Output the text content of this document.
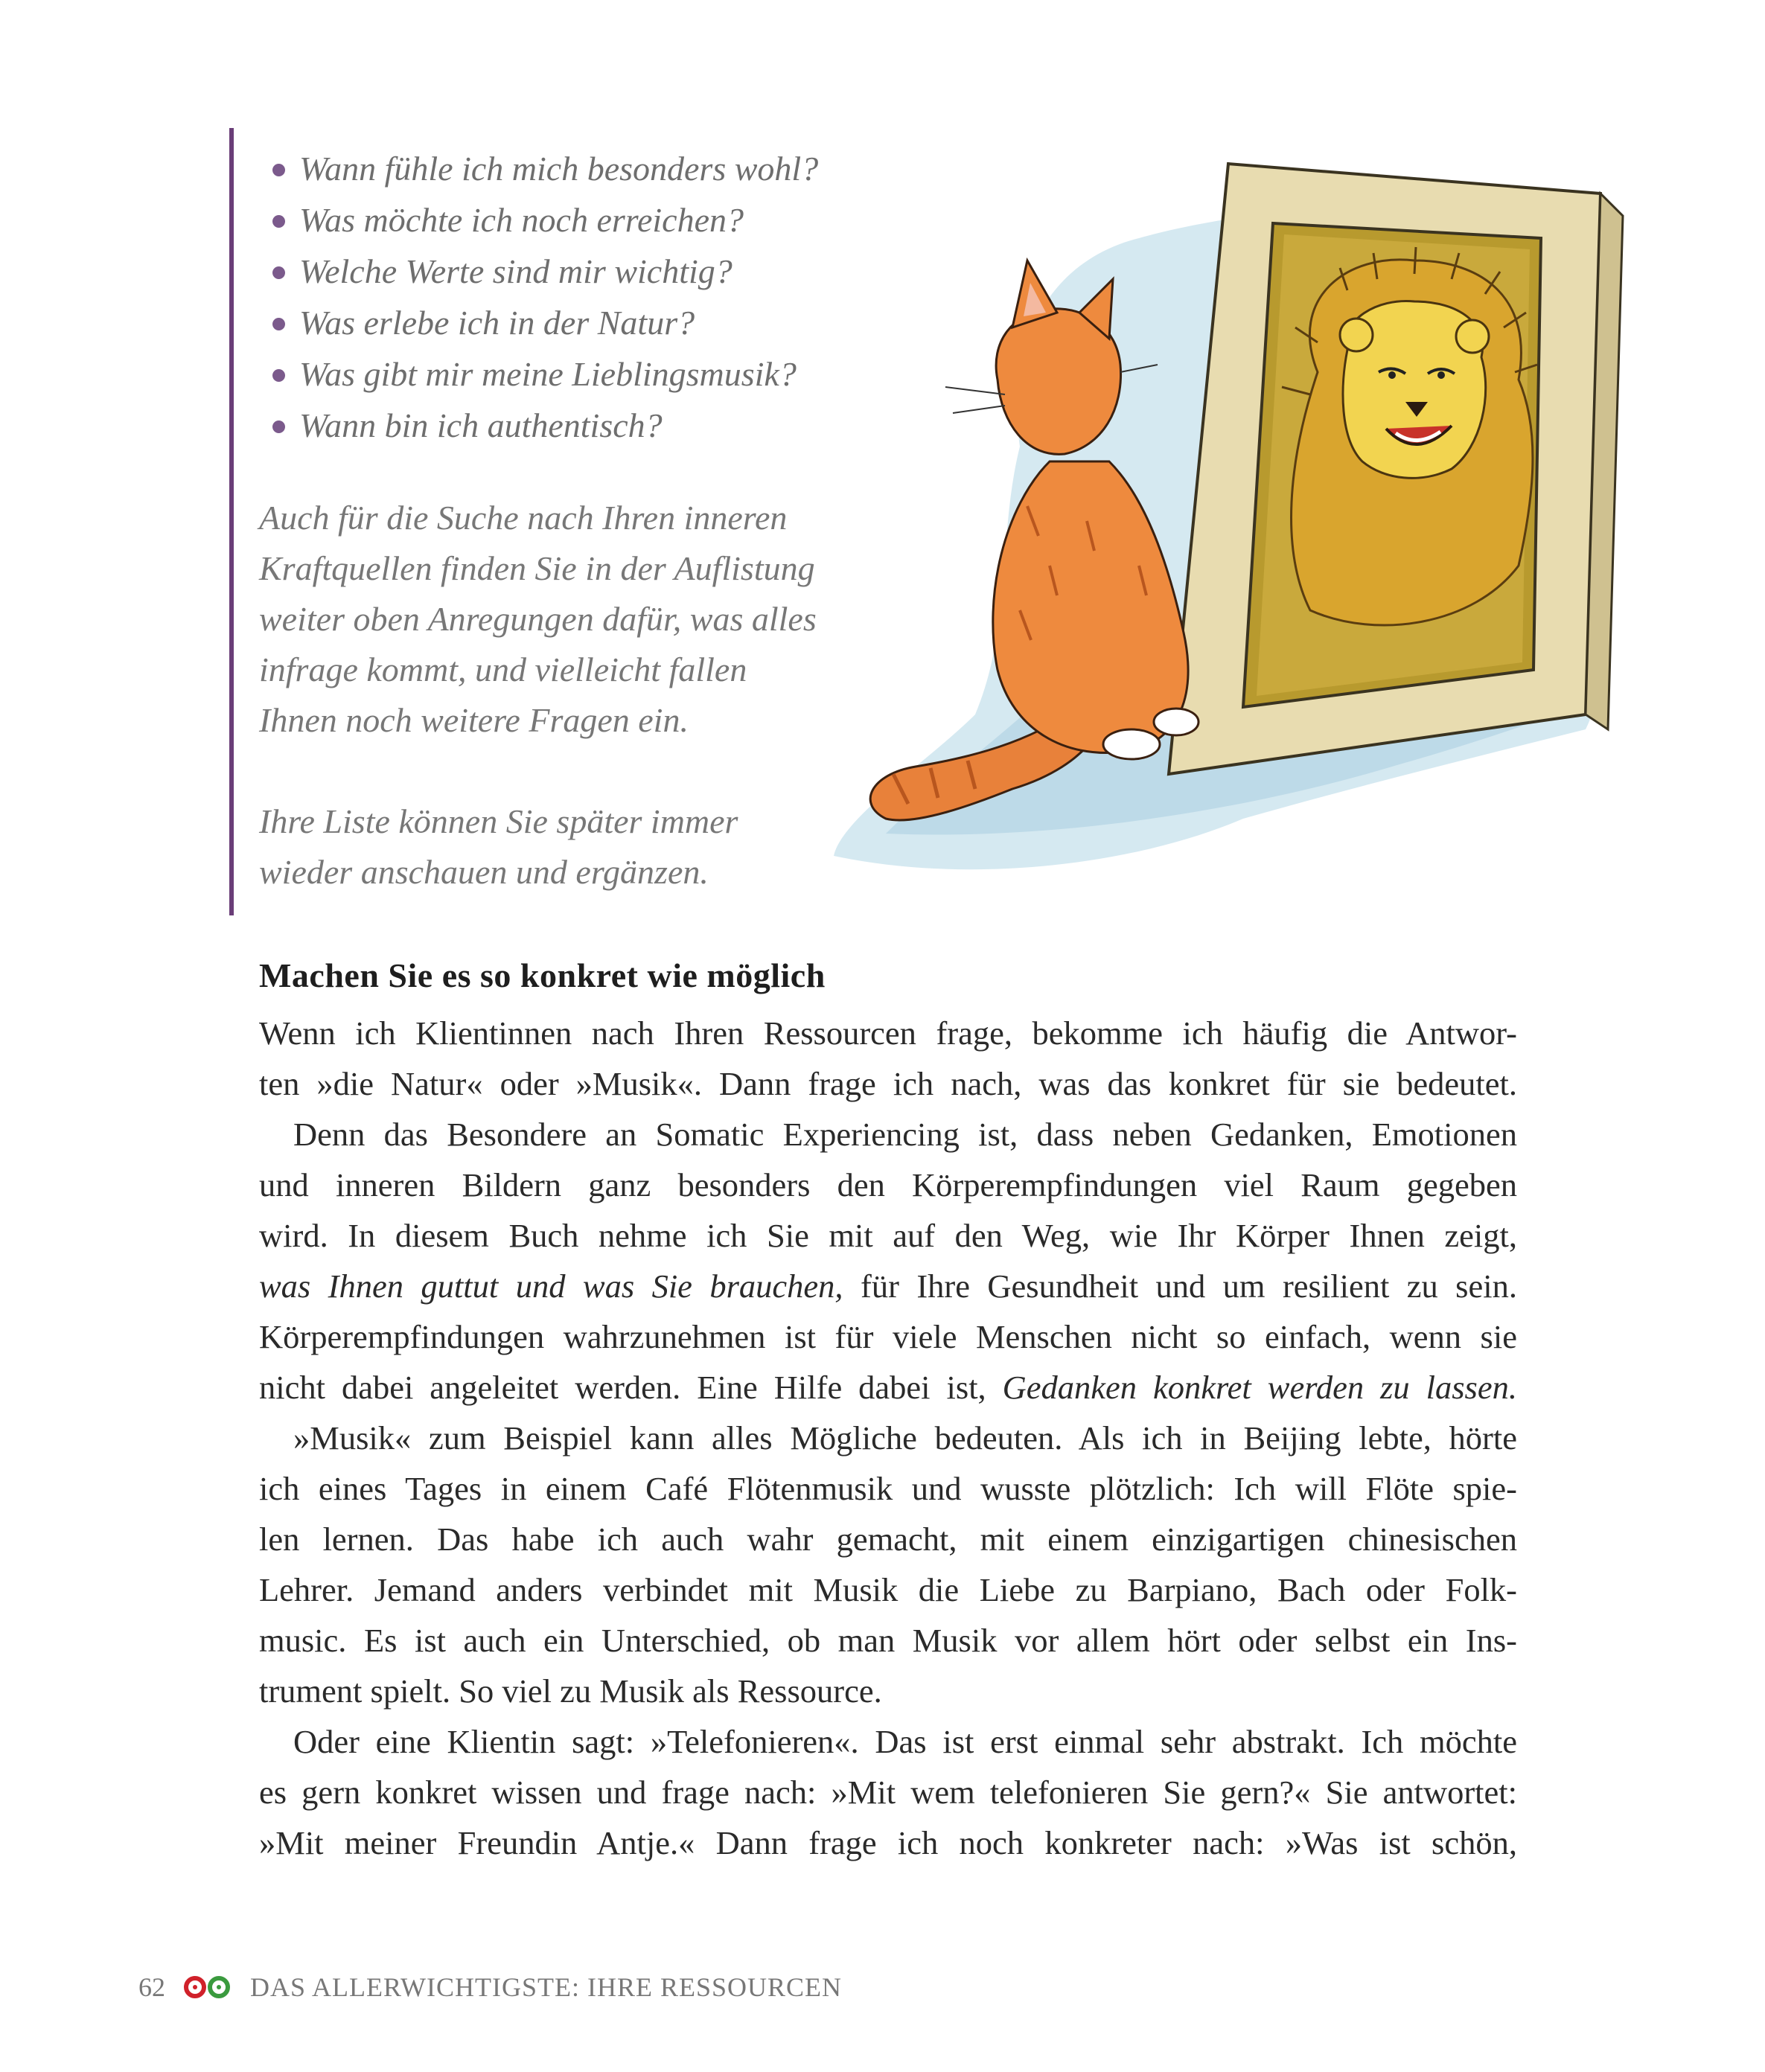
Wann fühle ich mich besonders wohl?
Was möchte ich noch erreichen?
Welche Werte sind mir wichtig?
Was erlebe ich in der Natur?
Was gibt mir meine Lieblingsmusik?
Wann bin ich authentisch?

Auch für die Suche nach Ihren inneren
Kraftquellen finden Sie in der Auflistung
weiter oben Anregungen dafür, was alles
infrage kommt, und vielleicht fallen
Ihnen noch weitere Fragen ein.

Ihre Liste können Sie später immer
wieder anschauen und ergänzen.

Machen Sie es so konkret wie möglich
Wenn ich Klientinnen nach Ihren Ressourcen frage, bekomme ich häufig die Antwor-
ten »die Natur« oder »Musik«. Dann frage ich nach, was das konkret für sie bedeutet.
Denn das Besondere an Somatic Experiencing ist, dass neben Gedanken, Emotionen
und inneren Bildern ganz besonders den Körperempfindungen viel Raum gegeben
wird. In diesem Buch nehme ich Sie mit auf den Weg, wie Ihr Körper Ihnen zeigt,
was Ihnen guttut und was Sie brauchen, für Ihre Gesundheit und um resilient zu sein.
Körperempfindungen wahrzunehmen ist für viele Menschen nicht so einfach, wenn sie
nicht dabei angeleitet werden. Eine Hilfe dabei ist, Gedanken konkret werden zu lassen.
»Musik« zum Beispiel kann alles Mögliche bedeuten. Als ich in Beijing lebte, hörte
ich eines Tages in einem Café Flötenmusik und wusste plötzlich: Ich will Flöte spie-
len lernen. Das habe ich auch wahr gemacht, mit einem einzigartigen chinesischen
Lehrer. Jemand anders verbindet mit Musik die Liebe zu Barpiano, Bach oder Folk-
music. Es ist auch ein Unterschied, ob man Musik vor allem hört oder selbst ein Ins-
trument spielt. So viel zu Musik als Ressource.
Oder eine Klientin sagt: »Telefonieren«. Das ist erst einmal sehr abstrakt. Ich möchte
es gern konkret wissen und frage nach: »Mit wem telefonieren Sie gern?« Sie antwortet:
»Mit meiner Freundin Antje.« Dann frage ich noch konkreter nach: »Was ist schön,
62	DAS ALLERWICHTIGSTE: IHRE RESSOURCEN
